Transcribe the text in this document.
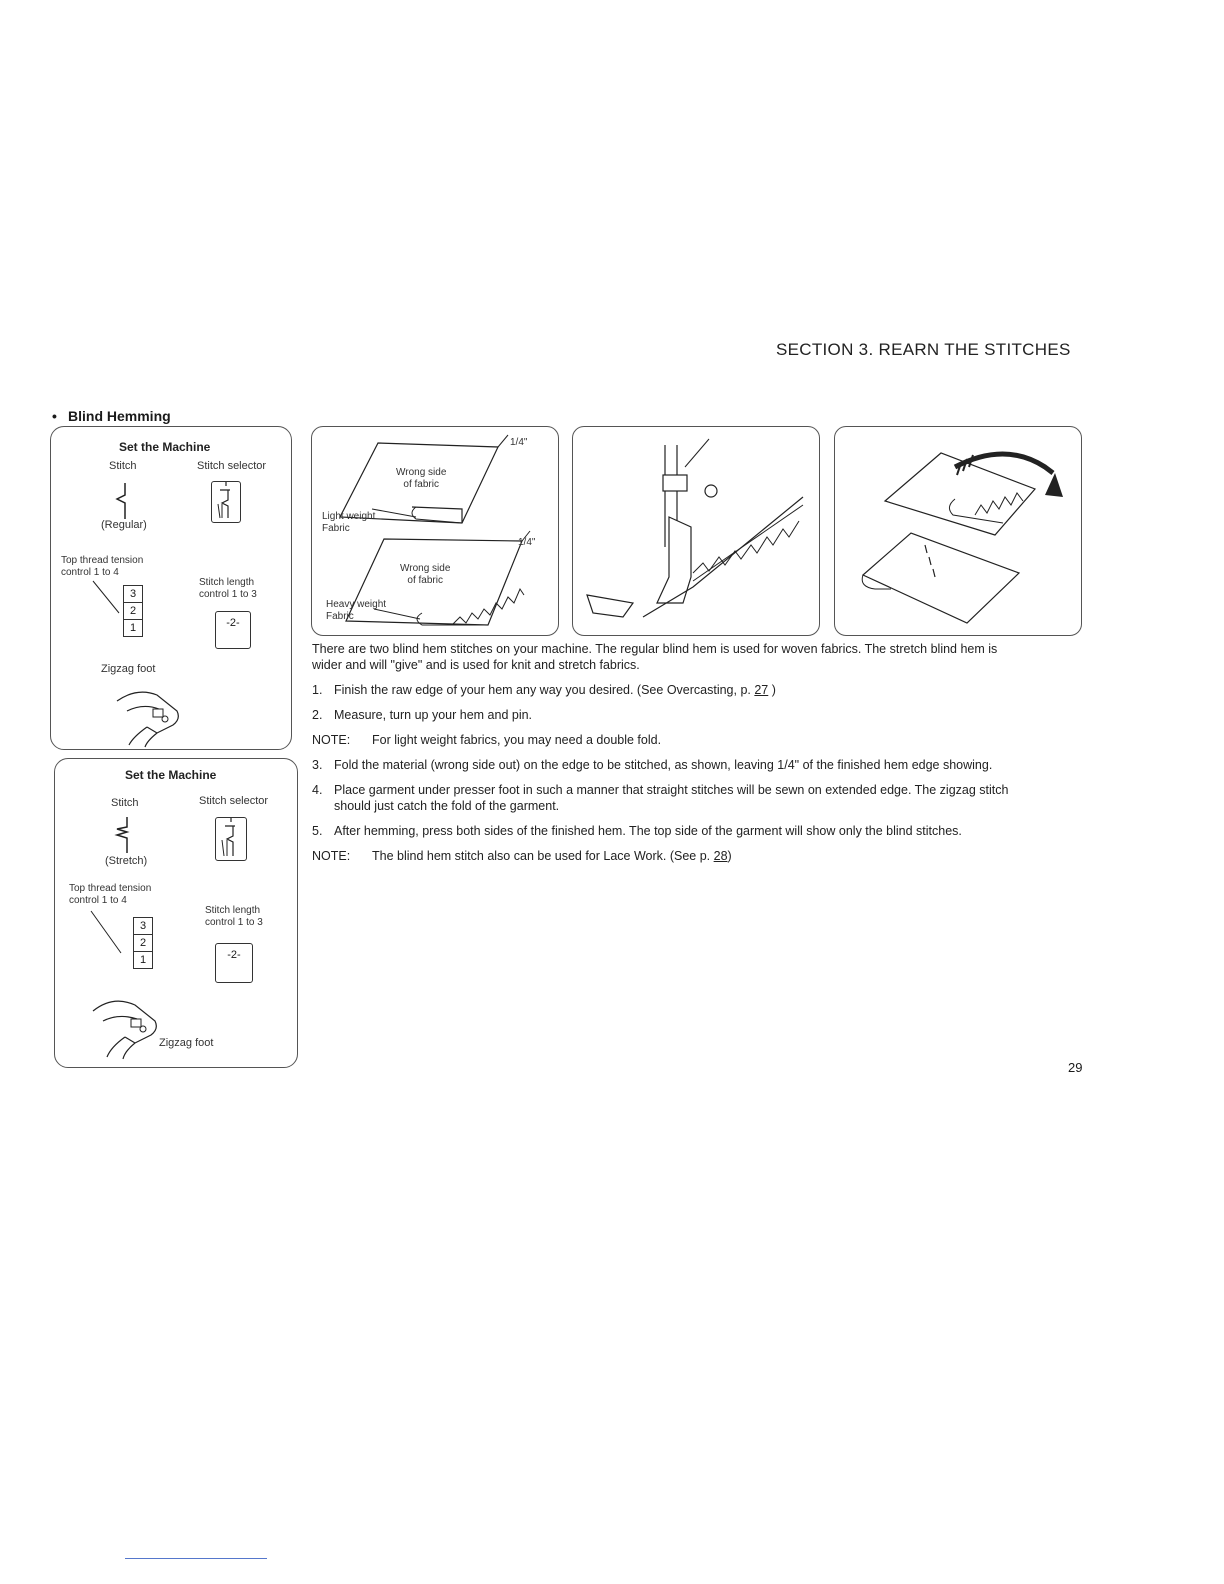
SECTION 3. REARN THE STITCHES
• Blind Hemming
Set the Machine
Stitch	Stitch selector
(Regular)
Top thread tension
control 1 to 4
3
2
1
Stitch length
control 1 to 3
-2-
Zigzag foot
Set the Machine
Stitch	Stitch selector
(Stretch)
Top thread tension
control 1 to 4
3
2
1
Stitch length
control 1 to 3
-2-
Zigzag foot
1/4"
Wrong side
of fabric
Light weight
Fabric
1/4"
Wrong side
of fabric
Heavy weight
Fabric
There are two blind hem stitches on your machine. The regular blind hem is used for woven fabrics. The stretch blind hem is
wider and will "give" and is used for knit and stretch fabrics.
1. Finish the raw edge of your hem any way you desired. (See Overcasting, p. 27 )
2. Measure, turn up your hem and pin.
NOTE:	For light weight fabrics, you may need a double fold.
3. Fold the material (wrong side out) on the edge to be stitched, as shown, leaving 1/4" of the finished hem edge showing.
4. Place garment under presser foot in such a manner that straight stitches will be sewn on extended edge. The zigzag stitch
should just catch the fold of the garment.
5. After hemming, press both sides of the finished hem. The top side of the garment will show only the blind stitches.
NOTE:	The blind hem stitch also can be used for Lace Work. (See p. 28)
29
